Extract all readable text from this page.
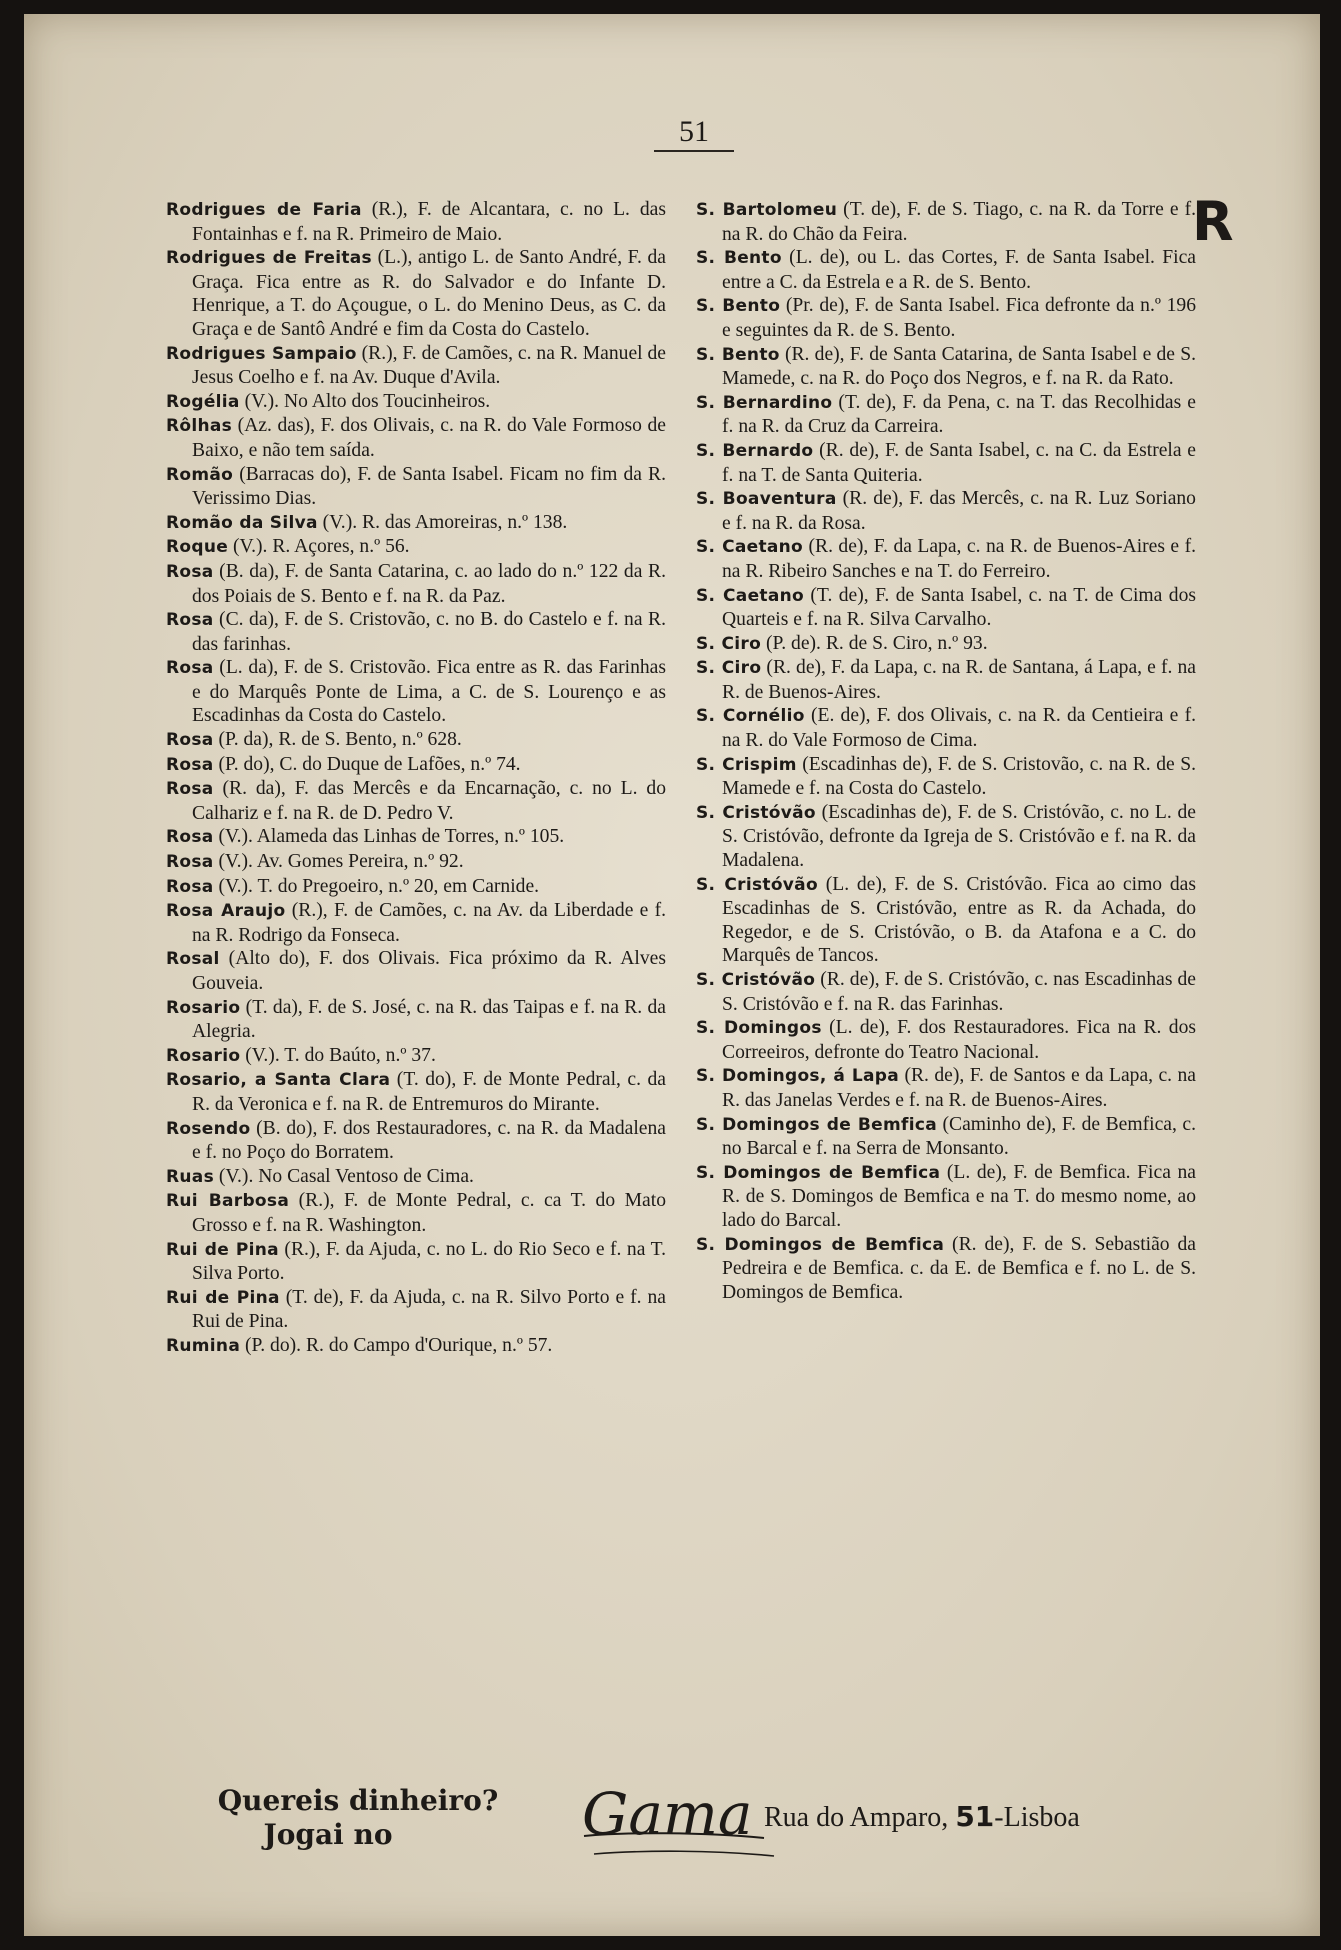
51
R

Rodrigues de Faria (R.), F. de Alcantara, c. no L. das Fontainhas e f. na R. Primeiro de Maio.

Rodrigues de Freitas (L.), antigo L. de Santo André, F. da Graça. Fica entre as R. do Salvador e do Infante D. Henrique, a T. do Açougue, o L. do Menino Deus, as C. da Graça e de Santô André e fim da Costa do Castelo.

Rodrigues Sampaio (R.), F. de Camões, c. na R. Manuel de Jesus Coelho e f. na Av. Duque d'Avila.

Rogélia (V.). No Alto dos Toucinheiros.

Rôlhas (Az. das), F. dos Olivais, c. na R. do Vale Formoso de Baixo, e não tem saída.

Romão (Barracas do), F. de Santa Isabel. Ficam no fim da R. Verissimo Dias.

Romão da Silva (V.). R. das Amoreiras, n.º 138.

Roque (V.). R. Açores, n.º 56.

Rosa (B. da), F. de Santa Catarina, c. ao lado do n.º 122 da R. dos Poiais de S. Bento e f. na R. da Paz.

Rosa (C. da), F. de S. Cristovão, c. no B. do Castelo e f. na R. das farinhas.

Rosa (L. da), F. de S. Cristovão. Fica entre as R. das Farinhas e do Marquês Ponte de Lima, a C. de S. Lourenço e as Escadinhas da Costa do Castelo.

Rosa (P. da), R. de S. Bento, n.º 628.

Rosa (P. do), C. do Duque de Lafões, n.º 74.

Rosa (R. da), F. das Mercês e da Encarnação, c. no L. do Calhariz e f. na R. de D. Pedro V.

Rosa (V.). Alameda das Linhas de Torres, n.º 105.

Rosa (V.). Av. Gomes Pereira, n.º 92.

Rosa (V.). T. do Pregoeiro, n.º 20, em Carnide.

Rosa Araujo (R.), F. de Camões, c. na Av. da Liberdade e f. na R. Rodrigo da Fonseca.

Rosal (Alto do), F. dos Olivais. Fica próximo da R. Alves Gouveia.

Rosario (T. da), F. de S. José, c. na R. das Taipas e f. na R. da Alegria.

Rosario (V.). T. do Baúto, n.º 37.

Rosario, a Santa Clara (T. do), F. de Monte Pedral, c. da R. da Veronica e f. na R. de Entremuros do Mirante.

Rosendo (B. do), F. dos Restauradores, c. na R. da Madalena e f. no Poço do Borratem.

Ruas (V.). No Casal Ventoso de Cima.

Rui Barbosa (R.), F. de Monte Pedral, c. ca T. do Mato Grosso e f. na R. Washington.

Rui de Pina (R.), F. da Ajuda, c. no L. do Rio Seco e f. na T. Silva Porto.

Rui de Pina (T. de), F. da Ajuda, c. na R. Silvo Porto e f. na Rui de Pina.

Rumina (P. do). R. do Campo d'Ourique, n.º 57.

S. Bartolomeu (T. de), F. de S. Tiago, c. na R. da Torre e f. na R. do Chão da Feira.

S. Bento (L. de), ou L. das Cortes, F. de Santa Isabel. Fica entre a C. da Estrela e a R. de S. Bento.

S. Bento (Pr. de), F. de Santa Isabel. Fica defronte da n.º 196 e seguintes da R. de S. Bento.

S. Bento (R. de), F. de Santa Catarina, de Santa Isabel e de S. Mamede, c. na R. do Poço dos Negros, e f. na R. da Rato.

S. Bernardino (T. de), F. da Pena, c. na T. das Recolhidas e f. na R. da Cruz da Carreira.

S. Bernardo (R. de), F. de Santa Isabel, c. na C. da Estrela e f. na T. de Santa Quiteria.

S. Boaventura (R. de), F. das Mercês, c. na R. Luz Soriano e f. na R. da Rosa.

S. Caetano (R. de), F. da Lapa, c. na R. de Buenos-Aires e f. na R. Ribeiro Sanches e na T. do Ferreiro.

S. Caetano (T. de), F. de Santa Isabel, c. na T. de Cima dos Quarteis e f. na R. Silva Carvalho.

S. Ciro (P. de). R. de S. Ciro, n.º 93.

S. Ciro (R. de), F. da Lapa, c. na R. de Santana, á Lapa, e f. na R. de Buenos-Aires.

S. Cornélio (E. de), F. dos Olivais, c. na R. da Centieira e f. na R. do Vale Formoso de Cima.

S. Crispim (Escadinhas de), F. de S. Cristovão, c. na R. de S. Mamede e f. na Costa do Castelo.

S. Cristóvão (Escadinhas de), F. de S. Cristóvão, c. no L. de S. Cristóvão, defronte da Igreja de S. Cristóvão e f. na R. da Madalena.

S. Cristóvão (L. de), F. de S. Cristóvão. Fica ao cimo das Escadinhas de S. Cristóvão, entre as R. da Achada, do Regedor, e de S. Cristóvão, o B. da Atafona e a C. do Marquês de Tancos.

S. Cristóvão (R. de), F. de S. Cristóvão, c. nas Escadinhas de S. Cristóvão e f. na R. das Farinhas.

S. Domingos (L. de), F. dos Restauradores. Fica na R. dos Correeiros, defronte do Teatro Nacional.

S. Domingos, á Lapa (R. de), F. de Santos e da Lapa, c. na R. das Janelas Verdes e f. na R. de Buenos-Aires.

S. Domingos de Bemfica (Caminho de), F. de Bemfica, c. no Barcal e f. na Serra de Monsanto.

S. Domingos de Bemfica (L. de), F. de Bemfica. Fica na R. de S. Domingos de Bemfica e na T. do mesmo nome, ao lado do Barcal.

S. Domingos de Bemfica (R. de), F. de S. Sebastião da Pedreira e de Bemfica. c. da E. de Bemfica e f. no L. de S. Domingos de Bemfica.

Quereis dinheiro?
Jogai no	Gama Rua do Amparo, 51-Lisboa
